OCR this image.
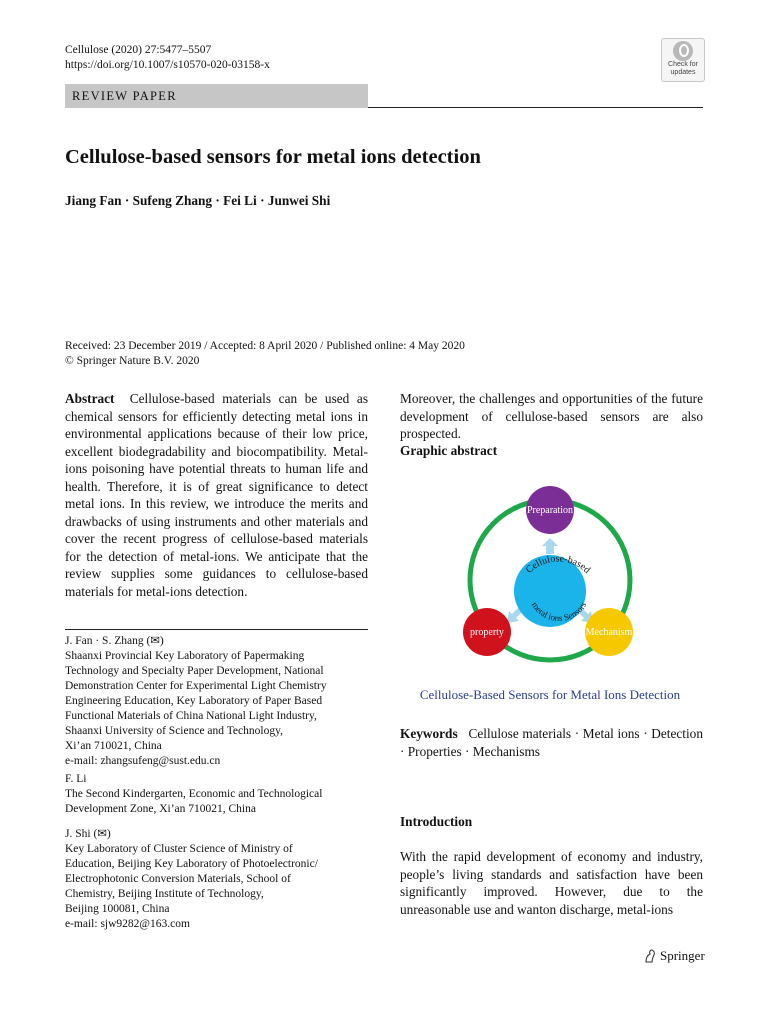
Cellulose (2020) 27:5477–5507
https://doi.org/10.1007/s10570-020-03158-x	Check for updates
REVIEW PAPER
Cellulose-based sensors for metal ions detection
Jiang Fan · Sufeng Zhang · Fei Li · Junwei Shi
Received: 23 December 2019 / Accepted: 8 April 2020 / Published online: 4 May 2020
© Springer Nature B.V. 2020

Abstract Cellulose-based materials can be used as chemical sensors for efficiently detecting metal ions in environmental applications because of their low price, excellent biodegradability and biocompatibility. Metal-ions poisoning have potential threats to human life and health. Therefore, it is of great significance to detect metal ions. In this review, we introduce the merits and drawbacks of using instruments and other materials and cover the recent progress of cellulose-based materials for the detection of metal-ions. We anticipate that the review supplies some guidances to cellulose-based materials for metal-ions detection.

J. Fan · S. Zhang (✉)
Shaanxi Provincial Key Laboratory of Papermaking
Technology and Specialty Paper Development, National
Demonstration Center for Experimental Light Chemistry
Engineering Education, Key Laboratory of Paper Based
Functional Materials of China National Light Industry,
Shaanxi University of Science and Technology,
Xi’an 710021, China
e-mail: zhangsufeng@sust.edu.cn
F. Li
The Second Kindergarten, Economic and Technological
Development Zone, Xi’an 710021, China
J. Shi (✉)
Key Laboratory of Cluster Science of Ministry of
Education, Beijing Key Laboratory of Photoelectronic/
Electrophotonic Conversion Materials, School of
Chemistry, Beijing Institute of Technology,
Beijing 100081, China
e-mail: sjw9282@163.com

Moreover, the challenges and opportunities of the future development of cellulose-based sensors are also prospected.

Graphic abstract
Cellulose-based
metal ions Sensors
Preparation
property	Mechanism
Cellulose-Based Sensors for Metal Ions Detection

Keywords Cellulose materials · Metal ions · Detection · Properties · Mechanisms

Introduction

With the rapid development of economy and industry, people’s living standards and satisfaction have been significantly improved. However, due to the unreasonable use and wanton discharge, metal-ions

Springer
